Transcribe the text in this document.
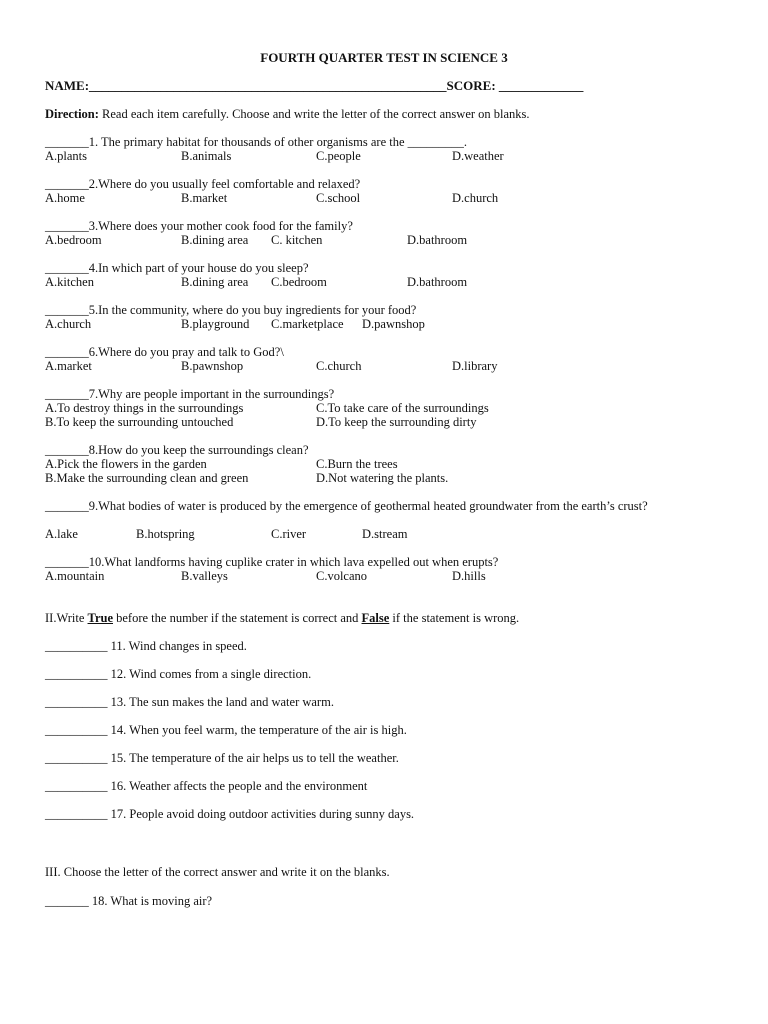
FOURTH QUARTER TEST IN SCIENCE 3
NAME:_______________________________________________________SCORE: _____________
Direction: Read each item carefully. Choose and write the letter of the correct answer on blanks.
_______1. The primary habitat for thousands of other organisms are the _________.
A.plants	B.animals	C.people	D.weather
_______2.Where do you usually feel comfortable and relaxed?
A.home	B.market	C.school	D.church
_______3.Where does your mother cook food for the family?
A.bedroom	B.dining area C. kitchen	D.bathroom
_______4.In which part of your house do you sleep?
A.kitchen	B.dining area C.bedroom	D.bathroom
_______5.In the community, where do you buy ingredients for your food?
A.church	B.playground C.marketplace D.pawnshop
_______6.Where do you pray and talk to God?\
A.market	B.pawnshop	C.church	D.library
_______7.Why are people important in the surroundings?
A.To destroy things in the surroundings	C.To take care of the surroundings
B.To keep the surrounding untouched	D.To keep the surrounding dirty
_______8.How do you keep the surroundings clean?
A.Pick the flowers in the garden	C.Burn the trees
B.Make the surrounding clean and green	D.Not watering the plants.
_______9.What bodies of water is produced by the emergence of geothermal heated groundwater from the earth’s crust?
A.lake	B.hotspring	C.river	D.stream
_______10.What landforms having cuplike crater in which lava expelled out when erupts?
A.mountain	B.valleys	C.volcano	D.hills
II.Write True before the number if the statement is correct and False if the statement is wrong.
__________ 11. Wind changes in speed.
__________ 12. Wind comes from a single direction.
__________ 13. The sun makes the land and water warm.
__________ 14. When you feel warm, the temperature of the air is high.
__________ 15. The temperature of the air helps us to tell the weather.
__________ 16. Weather affects the people and the environment
__________ 17. People avoid doing outdoor activities during sunny days.
III. Choose the letter of the correct answer and write it on the blanks.
_______ 18. What is moving air?
